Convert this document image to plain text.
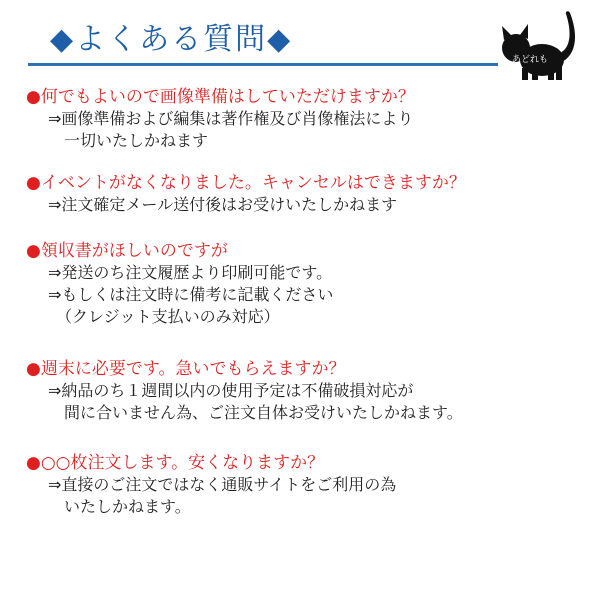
◆よくある質問◆
あどれも
●何でもよいので画像準備はしていただけますか？
⇒画像準備および編集は著作権及び肖像権法により
　一切いたしかねます
●イベントがなくなりました。キャンセルはできますか？
⇒注文確定メール送付後はお受けいたしかねます
●領収書がほしいのですが
⇒発送のち注文履歴より印刷可能です。
⇒もしくは注文時に備考に記載ください
　（クレジット支払いのみ対応）
●週末に必要です。急いでもらえますか？
⇒納品のち１週間以内の使用予定は不備破損対応が
　間に合いません為、ご注文自体お受けいたしかねます。
●○○枚注文します。安くなりますか？
⇒直接のご注文ではなく通販サイトをご利用の為
　いたしかねます。
